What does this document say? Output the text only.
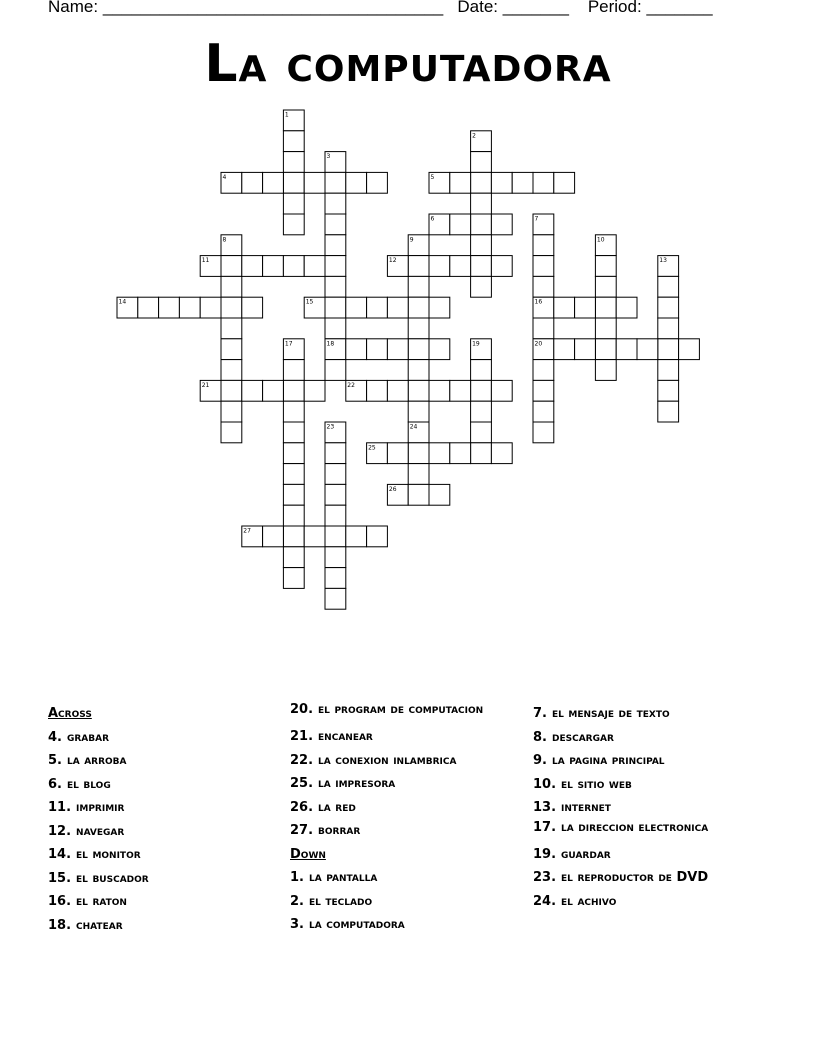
Name: ____________________________________ Date: _______ Period: _______
La computadora
1
2
3
4	5
6	7
8	9	10
11	12	13
14	15	16
17	18	19	20
21	22
23	24
25
26
27
Across
4. grabar
5. la arroba
6. el blog
11. imprimir
12. navegar
14. el monitor
15. el buscador
16. el raton
18. chatear
20. el program de computacion
21. encanear
22. la conexion inlambrica
25. la impresora
26. la red
27. borrar
Down
1. la pantalla
2. el teclado
3. la computadora
7. el mensaje de texto
8. descargar
9. la pagina principal
10. el sitio web
13. internet
17. la direccion electronica
19. guardar
23. el reproductor de DVD
24. el achivo
